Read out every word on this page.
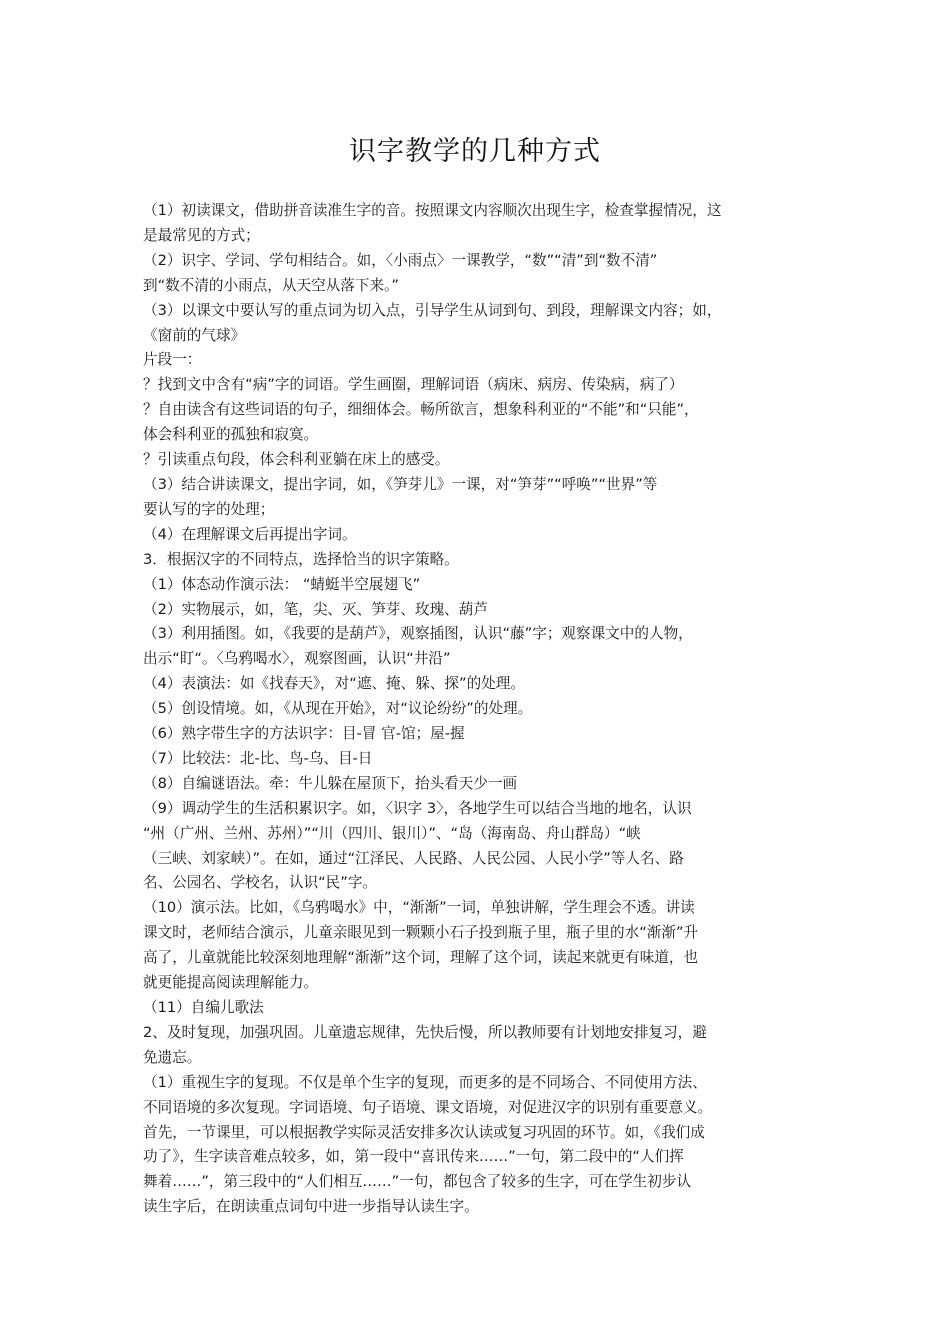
识字教学的几种方式

（1）初读课文，借助拼音读准生字的音。按照课文内容顺次出现生字，检查掌握情况，这
是最常见的方式；

（2）识字、学词、学句相结合。如，〈小雨点〉一课教学，“数”“清”到“数不清”
到“数不清的小雨点，从天空从落下来。”

（3）以课文中要认写的重点词为切入点，引导学生从词到句、到段，理解课文内容；如，
《窗前的气球》

片段一：

？找到文中含有“病”字的词语。学生画圈，理解词语（病床、病房、传染病，病了）

？自由读含有这些词语的句子，细细体会。畅所欲言，想象科利亚的“不能”和“只能”，
体会科利亚的孤独和寂寞。

？引读重点句段，体会科利亚躺在床上的感受。

（3）结合讲读课文，提出字词，如，《笋芽儿》一课，对“笋芽”“呼唤”“世界”等
要认写的字的处理；

（4）在理解课文后再提出字词。

3．根据汉字的不同特点，选择恰当的识字策略。

（1）体态动作演示法： “蜻蜓半空展翅飞”

（2）实物展示，如，笔，尖、灭、笋芽、玫瑰、葫芦

（3）利用插图。如，《我要的是葫芦》，观察插图，认识“藤”字；观察课文中的人物，
出示“盯“。〈乌鸦喝水〉，观察图画，认识“井沿”

（4）表演法：如《找春天》，对“遮、掩、躲、探”的处理。

（5）创设情境。如，《从现在开始》，对“议论纷纷”的处理。

（6）熟字带生字的方法识字：目-冒 官-馆；屋-握

（7）比较法：北-比、鸟-乌、目-日

（8）自编谜语法。牵：牛儿躲在屋顶下，抬头看天少一画

（9）调动学生的生活积累识字。如，〈识字 3〉，各地学生可以结合当地的地名，认识
“州（广州、兰州、苏州）”“川（四川、银川）”、“岛（海南岛、舟山群岛）“峡
（三峡、刘家峡）”。在如，通过“江泽民、人民路、人民公园、人民小学”等人名、路
名、公园名、学校名，认识“民”字。

（10）演示法。比如，《乌鸦喝水》中，“渐渐”一词，单独讲解，学生理会不透。讲读
课文时，老师结合演示，儿童亲眼见到一颗颗小石子投到瓶子里，瓶子里的水“渐渐”升
高了，儿童就能比较深刻地理解“渐渐”这个词，理解了这个词，读起来就更有味道，也
就更能提高阅读理解能力。

（11）自编儿歌法

2、及时复现，加强巩固。儿童遗忘规律，先快后慢，所以教师要有计划地安排复习，避
免遗忘。

（1）重视生字的复现。不仅是单个生字的复现，而更多的是不同场合、不同使用方法、
不同语境的多次复现。字词语境、句子语境、课文语境，对促进汉字的识别有重要意义。

首先，一节课里，可以根据教学实际灵活安排多次认读或复习巩固的环节。如，《我们成
功了》，生字读音难点较多，如，第一段中“喜讯传来……”一句，第二段中的“人们挥
舞着……”，第三段中的“人们相互……”一句，都包含了较多的生字，可在学生初步认
读生字后，在朗读重点词句中进一步指导认读生字。
